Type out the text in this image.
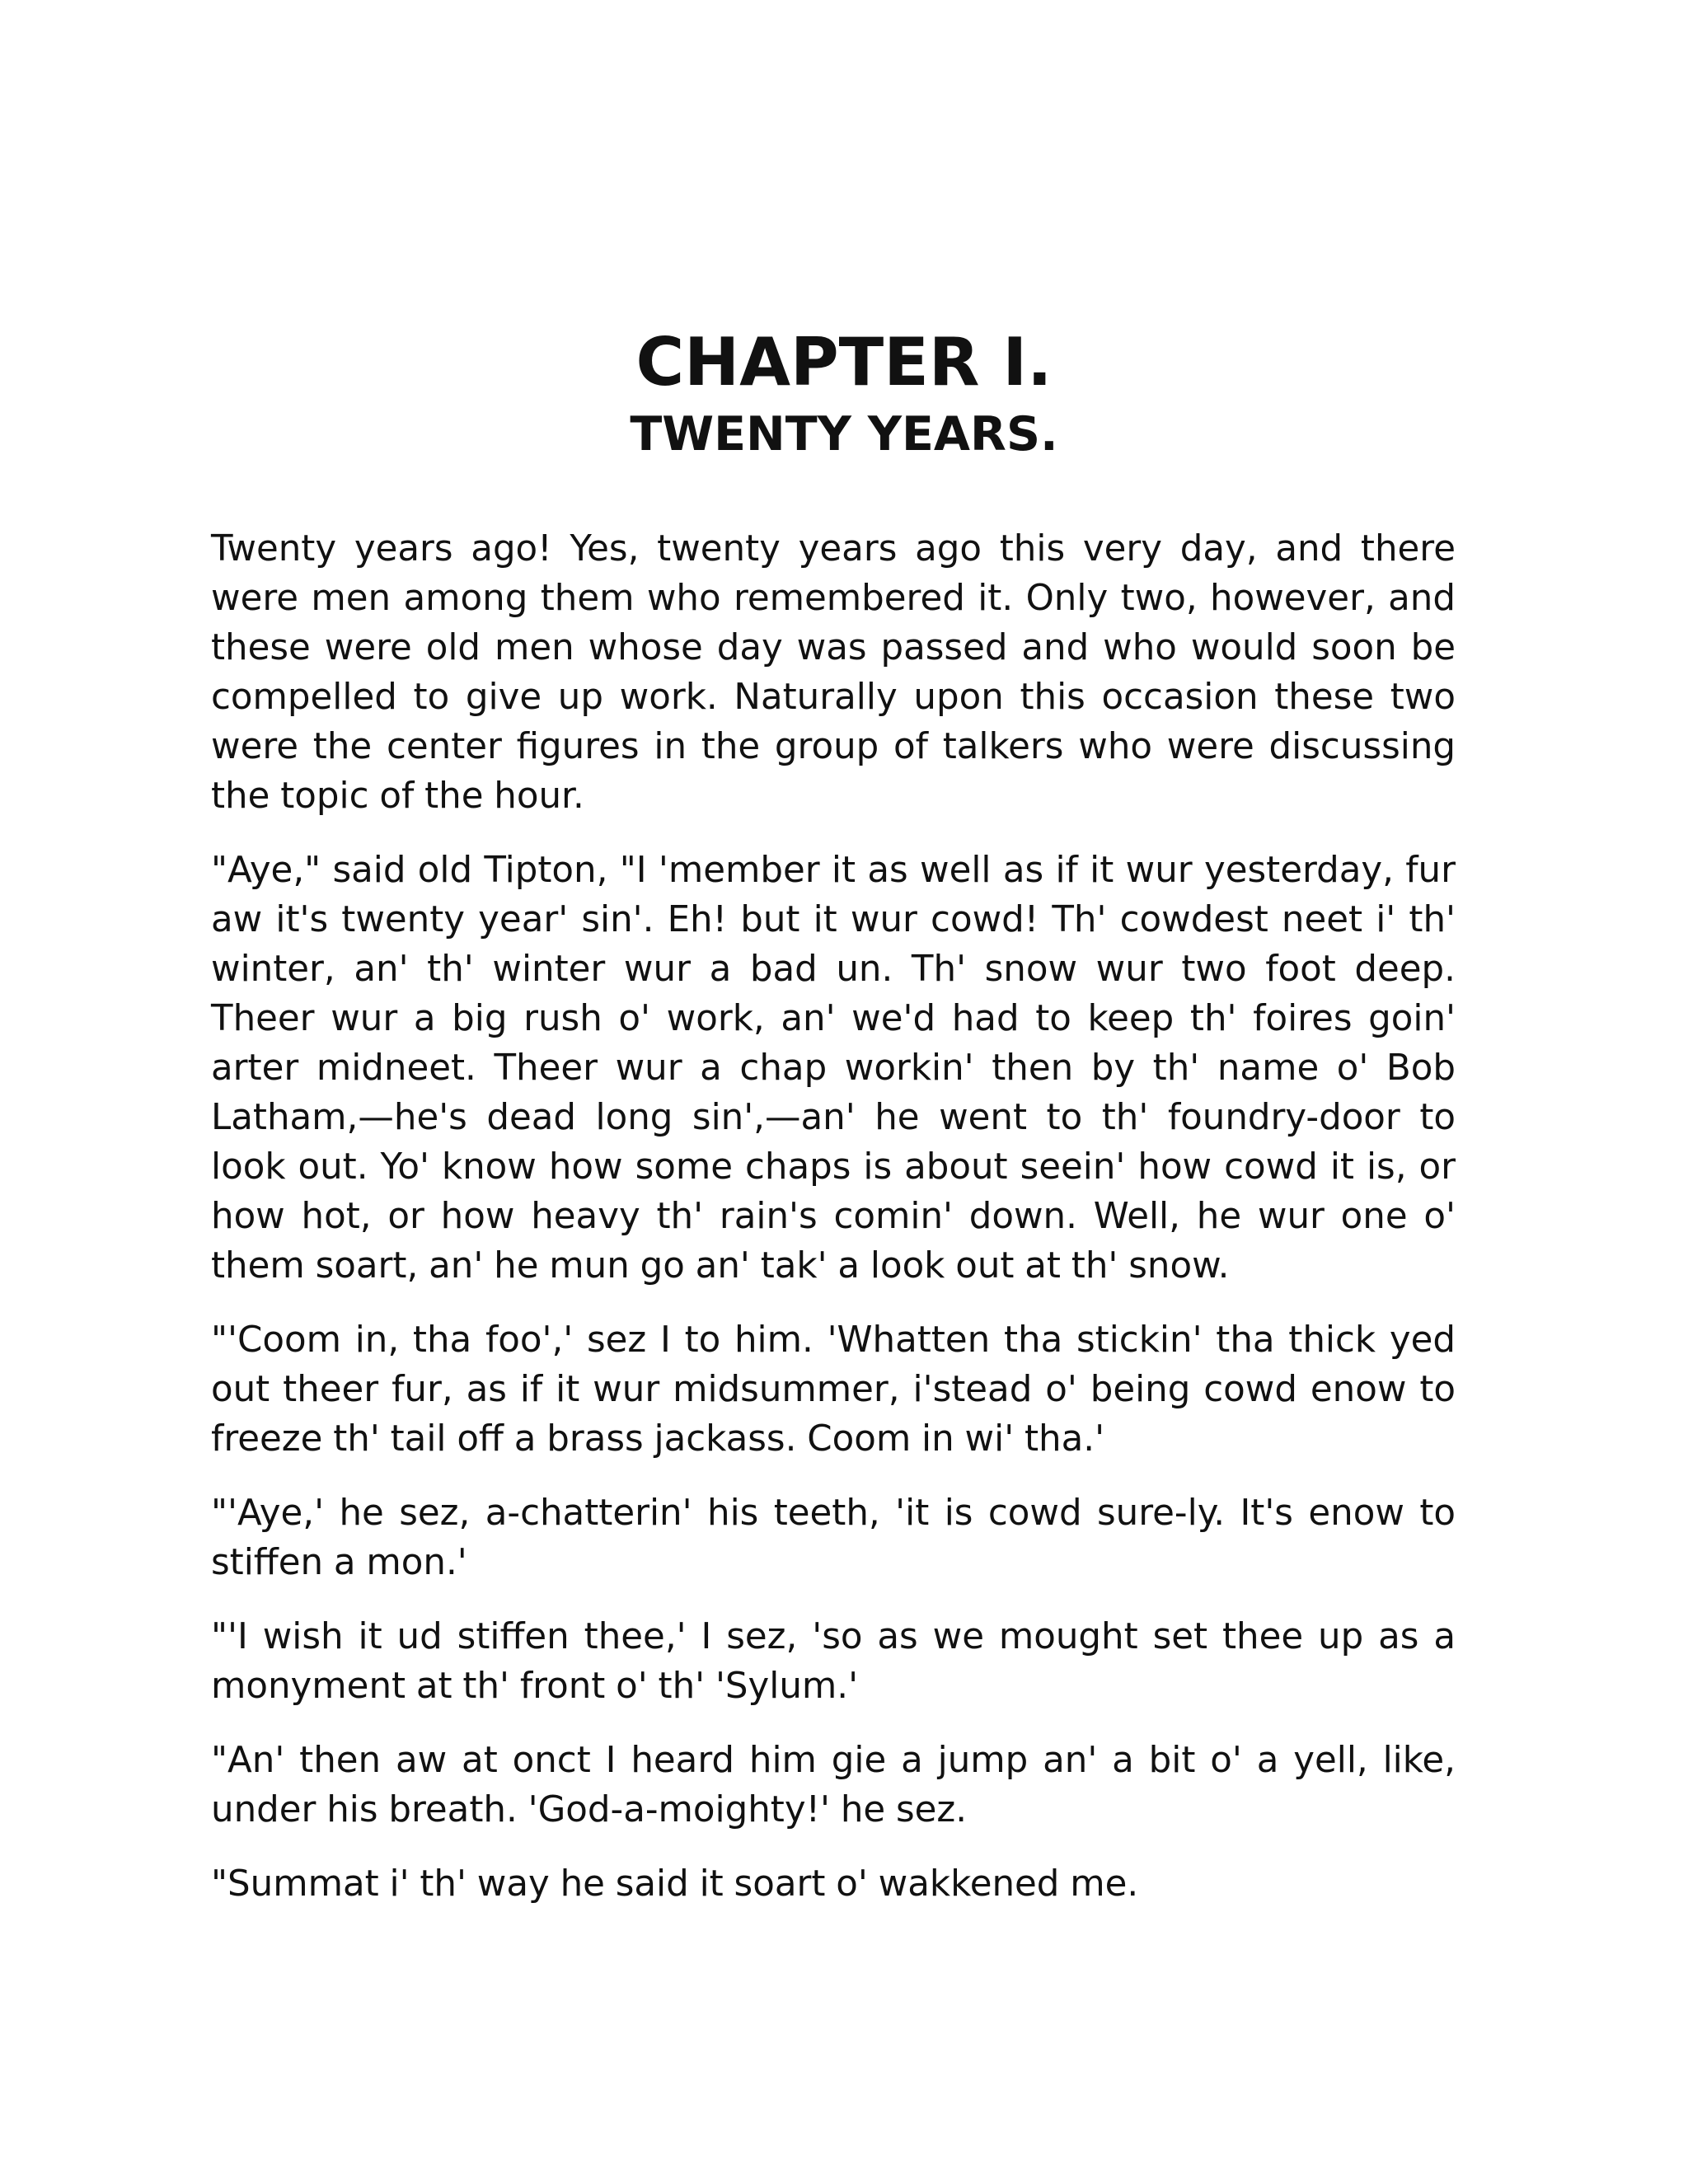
CHAPTER I.
TWENTY YEARS.

Twenty years ago! Yes, twenty years ago this very day, and there were men among them who remembered it. Only two, however, and these were old men whose day was passed and who would soon be compelled to give up work. Naturally upon this occasion these two were the center figures in the group of talkers who were discussing the topic of the hour.

"Aye," said old Tipton, "I 'member it as well as if it wur yesterday, fur aw it's twenty year' sin'. Eh! but it wur cowd! Th' cowdest neet i' th' winter, an' th' winter wur a bad un. Th' snow wur two foot deep. Theer wur a big rush o' work, an' we'd had to keep th' foires goin' arter midneet. Theer wur a chap workin' then by th' name o' Bob Latham,—he's dead long sin',—an' he went to th' foundry-door to look out. Yo' know how some chaps is about seein' how cowd it is, or how hot, or how heavy th' rain's comin' down. Well, he wur one o' them soart, an' he mun go an' tak' a look out at th' snow.

"'Coom in, tha foo',' sez I to him. 'Whatten tha stickin' tha thick yed out theer fur, as if it wur midsummer, i'stead o' being cowd enow to freeze th' tail off a brass jackass. Coom in wi' tha.'

"'Aye,' he sez, a-chatterin' his teeth, 'it is cowd sure-ly. It's enow to stiffen a mon.'

"'I wish it ud stiffen thee,' I sez, 'so as we mought set thee up as a monyment at th' front o' th' 'Sylum.'

"An' then aw at onct I heard him gie a jump an' a bit o' a yell, like, under his breath. 'God-a-moighty!' he sez.

"Summat i' th' way he said it soart o' wakkened me.
